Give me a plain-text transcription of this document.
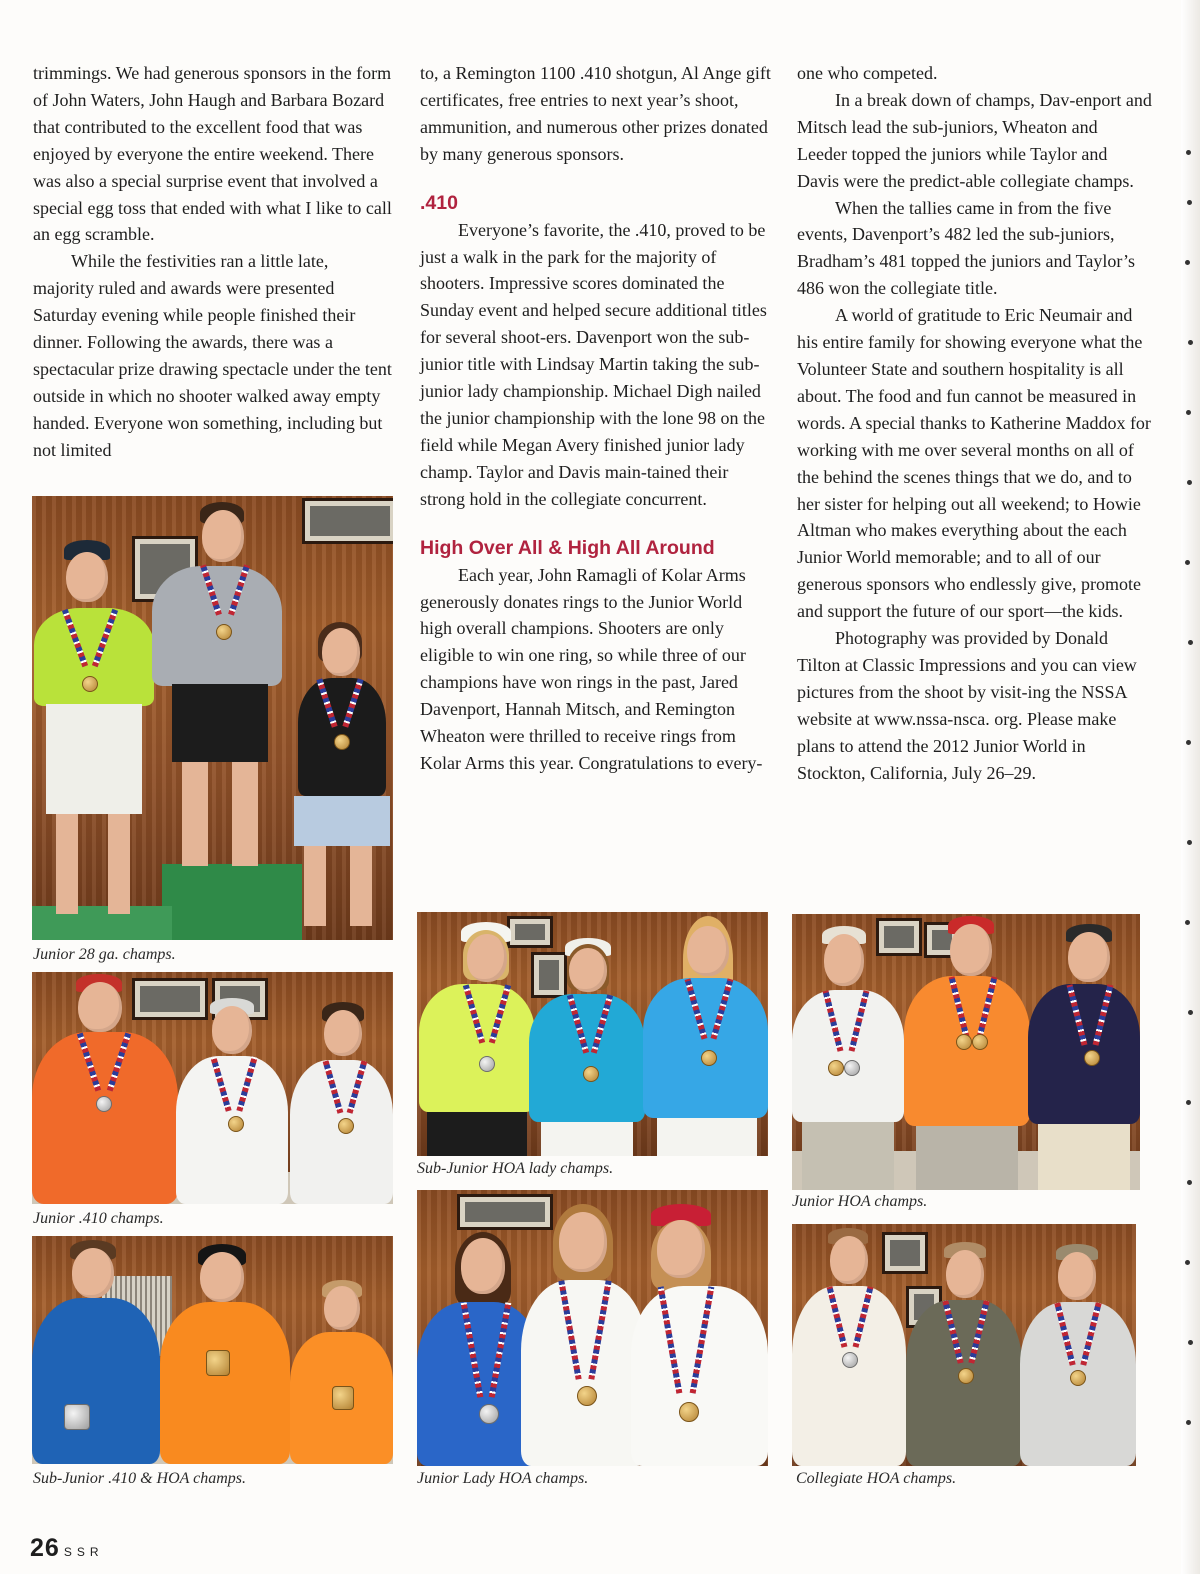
trimmings. We had generous sponsors in the form of John Waters, John Haugh and Barbara Bozard that contributed to the excellent food that was enjoyed by everyone the entire weekend. There was also a special surprise event that involved a special egg toss that ended with what I like to call an egg scramble.

While the festivities ran a little late, majority ruled and awards were presented Saturday evening while people finished their dinner. Following the awards, there was a spectacular prize drawing spectacle under the tent outside in which no shooter walked away empty handed. Everyone won something, including but not limited

to, a Remington 1100 .410 shotgun, Al Ange gift certificates, free entries to next year’s shoot, ammunition, and numerous other prizes donated by many generous sponsors.

.410

Everyone’s favorite, the .410, proved to be just a walk in the park for the majority of shooters. Impressive scores dominated the Sunday event and helped secure additional titles for several shoot-ers. Davenport won the sub-junior title with Lindsay Martin taking the sub-junior lady championship. Michael Digh nailed the junior championship with the lone 98 on the field while Megan Avery finished junior lady champ. Taylor and Davis main-tained their strong hold in the collegiate concurrent.

High Over All & High All Around

Each year, John Ramagli of Kolar Arms generously donates rings to the Junior World high overall champions. Shooters are only eligible to win one ring, so while three of our champions have won rings in the past, Jared Davenport, Hannah Mitsch, and Remington Wheaton were thrilled to receive rings from Kolar Arms this year. Congratulations to every-

one who competed.

In a break down of champs, Dav-enport and Mitsch lead the sub-juniors, Wheaton and Leeder topped the juniors while Taylor and Davis were the predict-able collegiate champs.

When the tallies came in from the five events, Davenport’s 482 led the sub-juniors, Bradham’s 481 topped the juniors and Taylor’s 486 won the collegiate title.

A world of gratitude to Eric Neumair and his entire family for showing everyone what the Volunteer State and southern hospitality is all about. The food and fun cannot be measured in words. A special thanks to Katherine Maddox for working with me over several months on all of the behind the scenes things that we do, and to her sister for helping out all weekend; to Howie Altman who makes everything about the each Junior World memorable; and to all of our generous sponsors who endlessly give, promote and support the future of our sport—the kids.

Photography was provided by Donald Tilton at Classic Impressions and you can view pictures from the shoot by visit-ing the NSSA website at www.nssa-nsca. org. Please make plans to attend the 2012 Junior World in Stockton, California, July 26–29.

Junior 28 ga. champs.
Junior .410 champs.
Sub-Junior .410 & HOA champs.
Sub-Junior HOA lady champs.
Junior Lady HOA champs.
Junior HOA champs.
Collegiate HOA champs.
26 SSR
